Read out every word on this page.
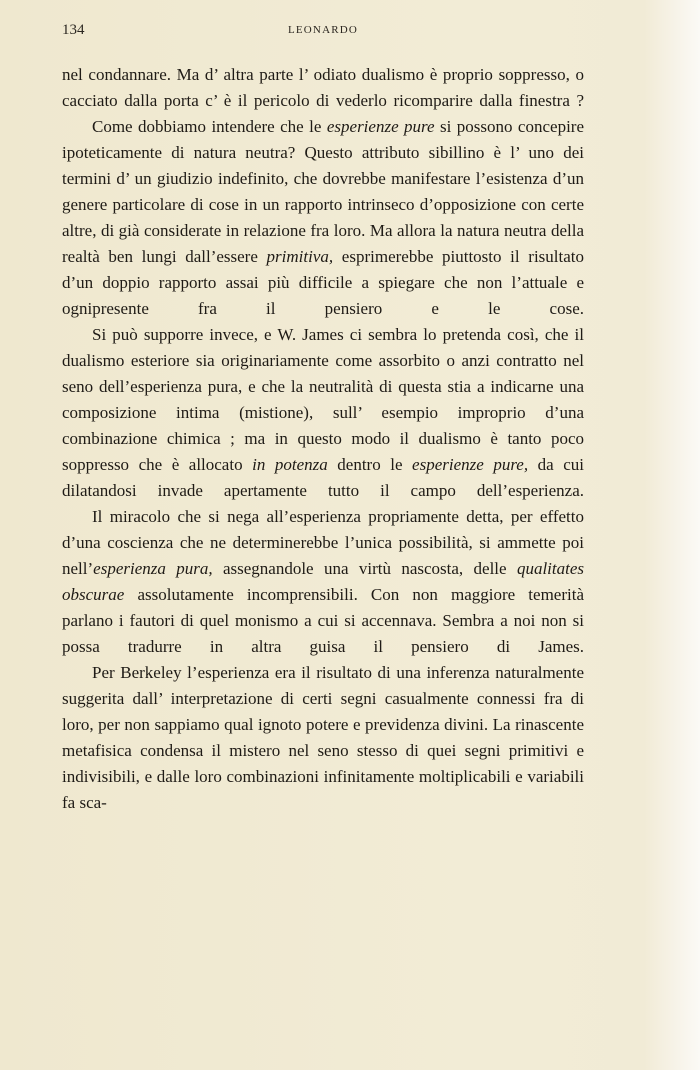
134	LEONARDO

nel condannare. Ma d’ altra parte l’ odiato dualismo è proprio soppresso, o cacciato dalla porta c’ è il pericolo di vederlo ricomparire dalla finestra ?

Come dobbiamo intendere che le esperienze pure si possono concepire ipoteticamente di natura neutra? Questo attributo sibillino è l’ uno dei termini d’ un giudizio indefinito, che dovrebbe manifestare l’esistenza d’un genere particolare di cose in un rapporto intrinseco d’opposizione con certe altre, di già considerate in relazione fra loro. Ma allora la natura neutra della realtà ben lungi dall’essere primitiva, esprimerebbe piuttosto il risultato d’un doppio rapporto assai più difficile a spiegare che non l’attuale e ognipresente fra il pensiero e le cose.

Si può supporre invece, e W. James ci sembra lo pretenda così, che il dualismo esteriore sia originariamente come assorbito o anzi contratto nel seno dell’esperienza pura, e che la neutralità di questa stia a indicarne una composizione intima (mistione), sull’ esempio improprio d’una combinazione chimica ; ma in questo modo il dualismo è tanto poco soppresso che è allocato in potenza dentro le esperienze pure, da cui dilatandosi invade apertamente tutto il campo dell’esperienza.

Il miracolo che si nega all’esperienza propriamente detta, per effetto d’una coscienza che ne determinerebbe l’unica possibilità, si ammette poi nell’esperienza pura, assegnandole una virtù nascosta, delle qualitates obscurae assolutamente incomprensibili. Con non maggiore temerità parlano i fautori di quel monismo a cui si accennava. Sembra a noi non si possa tradurre in altra guisa il pensiero di James.

Per Berkeley l’esperienza era il risultato di una inferenza naturalmente suggerita dall’ interpretazione di certi segni casualmente connessi fra di loro, per non sappiamo qual ignoto potere e previdenza divini. La rinascente metafisica condensa il mistero nel seno stesso di quei segni primitivi e indivisibili, e dalle loro combinazioni infinitamente moltiplicabili e variabili fa sca-
